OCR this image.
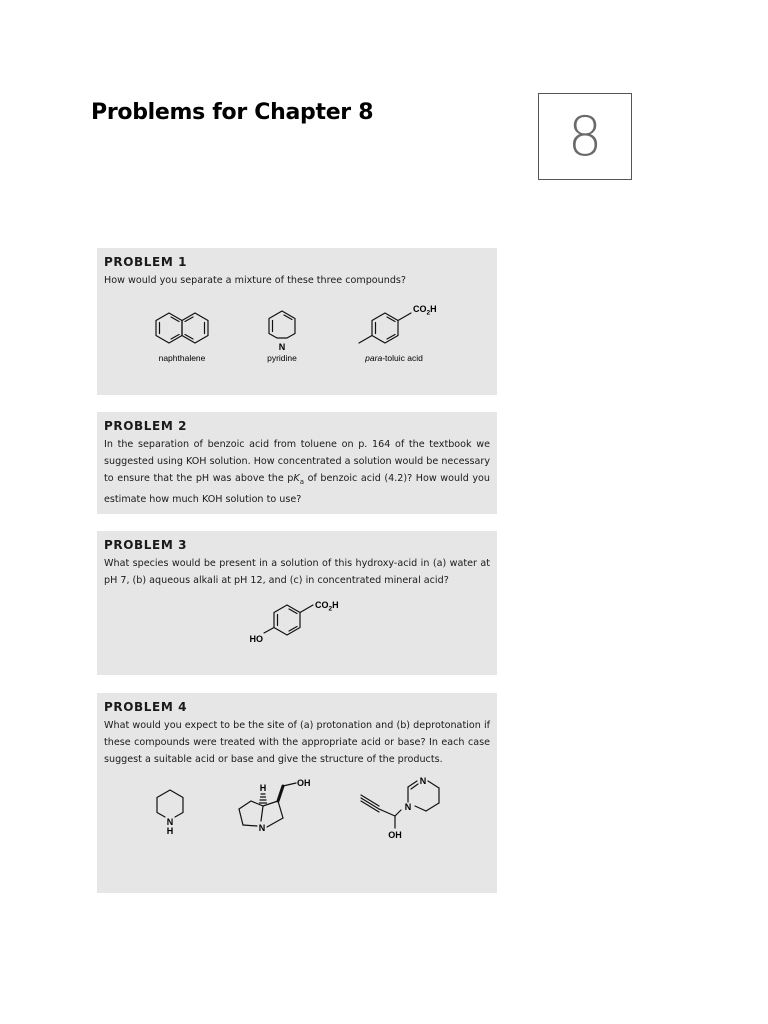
Problems for Chapter 8	8
PROBLEM 1

How would you separate a mixture of these three compounds?

naphthalene
N
pyridine
$CO_2H$
para-toluic acid
PROBLEM 2

In the separation of benzoic acid from toluene on p. 164 of the textbook we suggested using KOH solution. How concentrated a solution would be necessary to ensure that the pH was above the $pK_a$ of benzoic acid (4.2)? How would you estimate how much KOH solution to use?

PROBLEM 3

What species would be present in a solution of this hydroxy-acid in (a) water at pH 7, (b) aqueous alkali at pH 12, and (c) in concentrated mineral acid?

$CO_2H$
HO
PROBLEM 4

What would you expect to be the site of (a) protonation and (b) deprotonation if these compounds were treated with the appropriate acid or base? In each case suggest a suitable acid or base and give the structure of the products.

N
H
H
N
OH
N
N
OH
